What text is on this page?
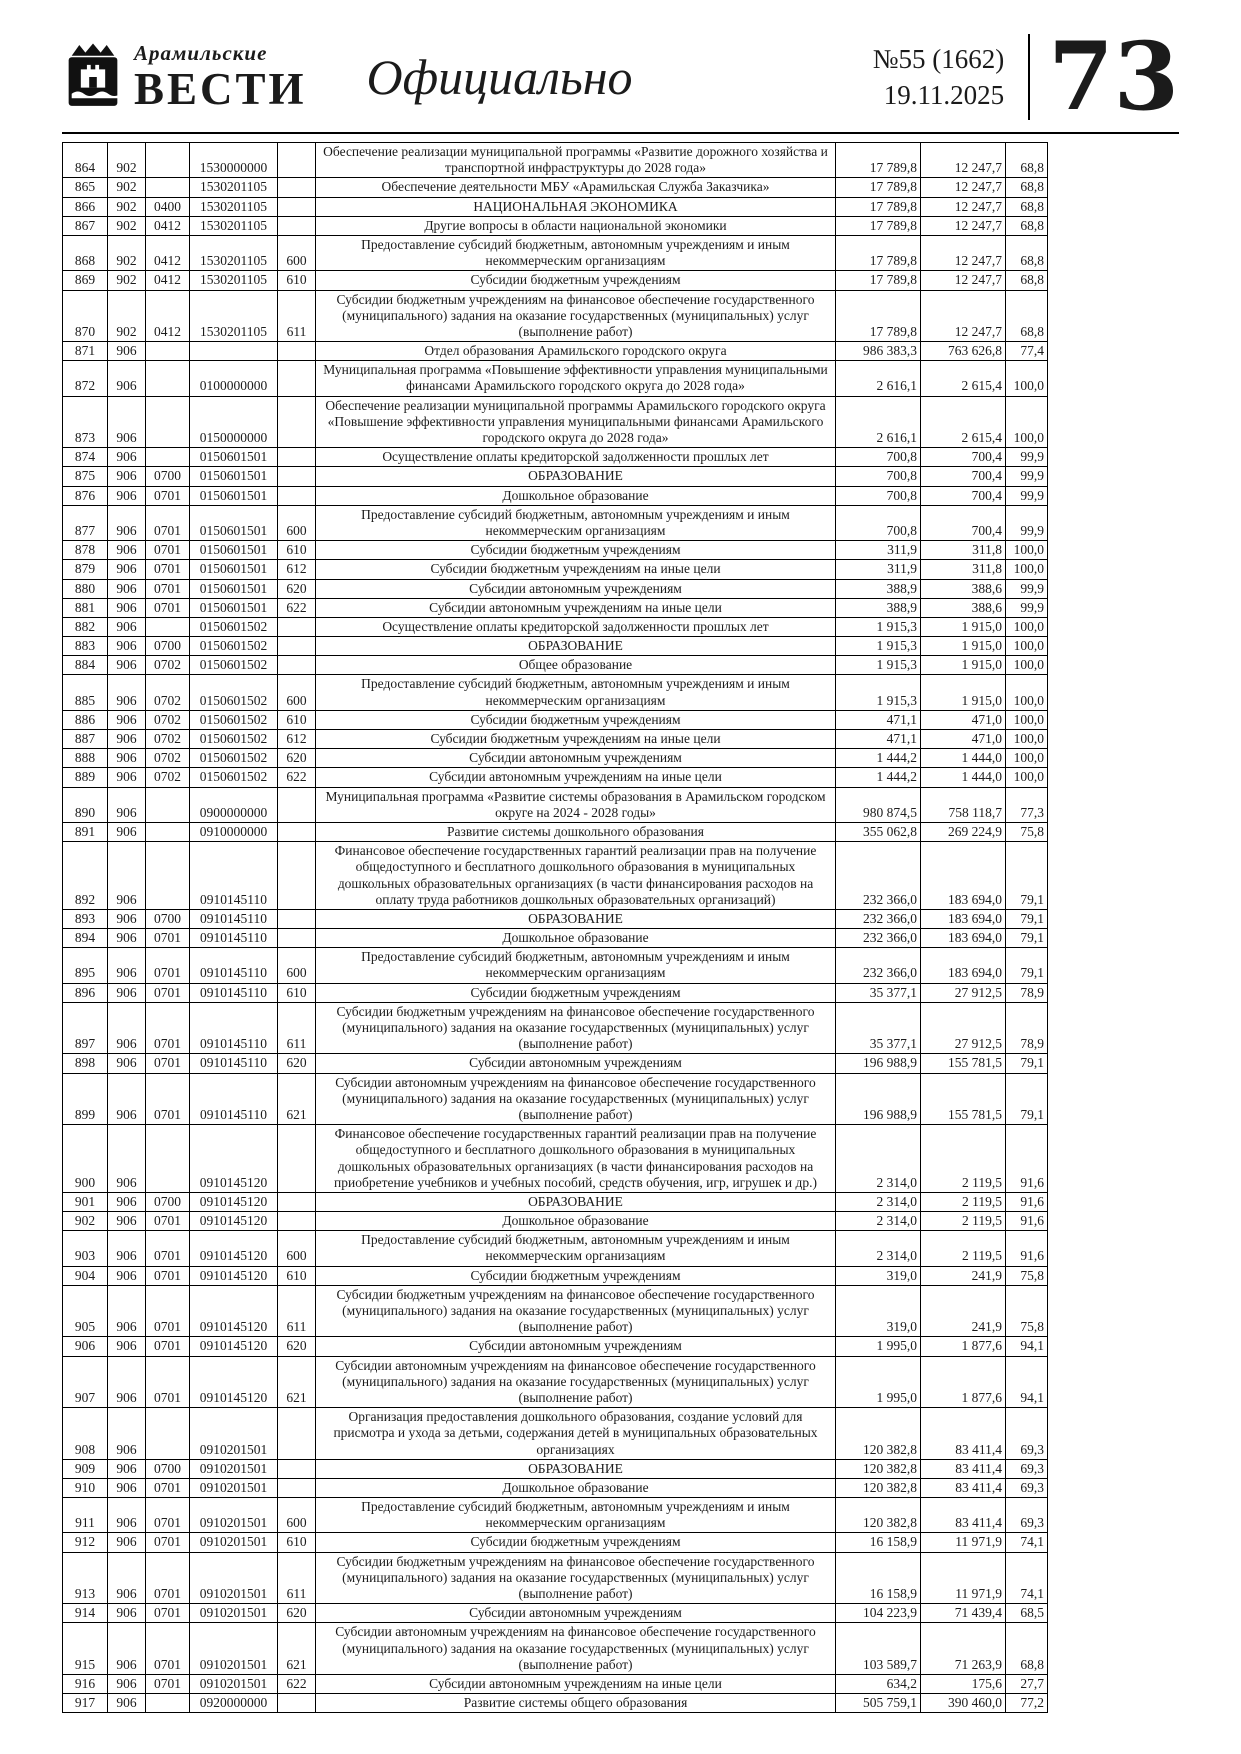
Арамильские
ВЕСТИ Официально	№55 (1662)
19.11.2025 73
864	902		1530000000		Обеспечение реализации муниципальной программы «Развитие дорожного хозяйства и транспортной инфраструктуры до 2028 года»	17 789,8	12 247,7	68,8
865	902		1530201105		Обеспечение деятельности МБУ «Арамильская Служба Заказчика»	17 789,8	12 247,7	68,8
866	902	0400	1530201105		НАЦИОНАЛЬНАЯ ЭКОНОМИКА	17 789,8	12 247,7	68,8
867	902	0412	1530201105		Другие вопросы в области национальной экономики	17 789,8	12 247,7	68,8
868	902	0412	1530201105	600	Предоставление субсидий бюджетным, автономным учреждениям и иным некоммерческим организациям	17 789,8	12 247,7	68,8
869	902	0412	1530201105	610	Субсидии бюджетным учреждениям	17 789,8	12 247,7	68,8
870	902	0412	1530201105	611	Субсидии бюджетным учреждениям на финансовое обеспечение государственного (муниципального) задания на оказание государственных (муниципальных) услуг (выполнение работ)	17 789,8	12 247,7	68,8
871	906				Отдел образования Арамильского городского округа	986 383,3	763 626,8	77,4
872	906		0100000000		Муниципальная программа «Повышение эффективности управления муниципальными финансами Арамильского городского округа до 2028 года»	2 616,1	2 615,4	100,0
873	906		0150000000		Обеспечение реализации муниципальной программы Арамильского городского округа «Повышение эффективности управления муниципальными финансами Арамильского городского округа до 2028 года»	2 616,1	2 615,4	100,0
874	906		0150601501		Осуществление оплаты кредиторской задолженности прошлых лет	700,8	700,4	99,9
875	906	0700	0150601501		ОБРАЗОВАНИЕ	700,8	700,4	99,9
876	906	0701	0150601501		Дошкольное образование	700,8	700,4	99,9
877	906	0701	0150601501	600	Предоставление субсидий бюджетным, автономным учреждениям и иным некоммерческим организациям	700,8	700,4	99,9
878	906	0701	0150601501	610	Субсидии бюджетным учреждениям	311,9	311,8	100,0
879	906	0701	0150601501	612	Субсидии бюджетным учреждениям на иные цели	311,9	311,8	100,0
880	906	0701	0150601501	620	Субсидии автономным учреждениям	388,9	388,6	99,9
881	906	0701	0150601501	622	Субсидии автономным учреждениям на иные цели	388,9	388,6	99,9
882	906		0150601502		Осуществление оплаты кредиторской задолженности прошлых лет	1 915,3	1 915,0	100,0
883	906	0700	0150601502		ОБРАЗОВАНИЕ	1 915,3	1 915,0	100,0
884	906	0702	0150601502		Общее образование	1 915,3	1 915,0	100,0
885	906	0702	0150601502	600	Предоставление субсидий бюджетным, автономным учреждениям и иным некоммерческим организациям	1 915,3	1 915,0	100,0
886	906	0702	0150601502	610	Субсидии бюджетным учреждениям	471,1	471,0	100,0
887	906	0702	0150601502	612	Субсидии бюджетным учреждениям на иные цели	471,1	471,0	100,0
888	906	0702	0150601502	620	Субсидии автономным учреждениям	1 444,2	1 444,0	100,0
889	906	0702	0150601502	622	Субсидии автономным учреждениям на иные цели	1 444,2	1 444,0	100,0
890	906		0900000000		Муниципальная программа «Развитие системы образования в Арамильском городском округе на 2024 - 2028 годы»	980 874,5	758 118,7	77,3
891	906		0910000000		Развитие системы дошкольного образования	355 062,8	269 224,9	75,8
892	906		0910145110		Финансовое обеспечение государственных гарантий реализации прав на получение общедоступного и бесплатного дошкольного образования в муниципальных дошкольных образовательных организациях (в части финансирования расходов на оплату труда работников дошкольных образовательных организаций)	232 366,0	183 694,0	79,1
893	906	0700	0910145110		ОБРАЗОВАНИЕ	232 366,0	183 694,0	79,1
894	906	0701	0910145110		Дошкольное образование	232 366,0	183 694,0	79,1
895	906	0701	0910145110	600	Предоставление субсидий бюджетным, автономным учреждениям и иным некоммерческим организациям	232 366,0	183 694,0	79,1
896	906	0701	0910145110	610	Субсидии бюджетным учреждениям	35 377,1	27 912,5	78,9
897	906	0701	0910145110	611	Субсидии бюджетным учреждениям на финансовое обеспечение государственного (муниципального) задания на оказание государственных (муниципальных) услуг (выполнение работ)	35 377,1	27 912,5	78,9
898	906	0701	0910145110	620	Субсидии автономным учреждениям	196 988,9	155 781,5	79,1
899	906	0701	0910145110	621	Субсидии автономным учреждениям на финансовое обеспечение государственного (муниципального) задания на оказание государственных (муниципальных) услуг (выполнение работ)	196 988,9	155 781,5	79,1
900	906		0910145120		Финансовое обеспечение государственных гарантий реализации прав на получение общедоступного и бесплатного дошкольного образования в муниципальных дошкольных образовательных организациях (в части финансирования расходов на приобретение учебников и учебных пособий, средств обучения, игр, игрушек и др.)	2 314,0	2 119,5	91,6
901	906	0700	0910145120		ОБРАЗОВАНИЕ	2 314,0	2 119,5	91,6
902	906	0701	0910145120		Дошкольное образование	2 314,0	2 119,5	91,6
903	906	0701	0910145120	600	Предоставление субсидий бюджетным, автономным учреждениям и иным некоммерческим организациям	2 314,0	2 119,5	91,6
904	906	0701	0910145120	610	Субсидии бюджетным учреждениям	319,0	241,9	75,8
905	906	0701	0910145120	611	Субсидии бюджетным учреждениям на финансовое обеспечение государственного (муниципального) задания на оказание государственных (муниципальных) услуг (выполнение работ)	319,0	241,9	75,8
906	906	0701	0910145120	620	Субсидии автономным учреждениям	1 995,0	1 877,6	94,1
907	906	0701	0910145120	621	Субсидии автономным учреждениям на финансовое обеспечение государственного (муниципального) задания на оказание государственных (муниципальных) услуг (выполнение работ)	1 995,0	1 877,6	94,1
908	906		0910201501		Организация предоставления дошкольного образования, создание условий для присмотра и ухода за детьми, содержания детей в муниципальных образовательных организациях	120 382,8	83 411,4	69,3
909	906	0700	0910201501		ОБРАЗОВАНИЕ	120 382,8	83 411,4	69,3
910	906	0701	0910201501		Дошкольное образование	120 382,8	83 411,4	69,3
911	906	0701	0910201501	600	Предоставление субсидий бюджетным, автономным учреждениям и иным некоммерческим организациям	120 382,8	83 411,4	69,3
912	906	0701	0910201501	610	Субсидии бюджетным учреждениям	16 158,9	11 971,9	74,1
913	906	0701	0910201501	611	Субсидии бюджетным учреждениям на финансовое обеспечение государственного (муниципального) задания на оказание государственных (муниципальных) услуг (выполнение работ)	16 158,9	11 971,9	74,1
914	906	0701	0910201501	620	Субсидии автономным учреждениям	104 223,9	71 439,4	68,5
915	906	0701	0910201501	621	Субсидии автономным учреждениям на финансовое обеспечение государственного (муниципального) задания на оказание государственных (муниципальных) услуг (выполнение работ)	103 589,7	71 263,9	68,8
916	906	0701	0910201501	622	Субсидии автономным учреждениям на иные цели	634,2	175,6	27,7
917	906		0920000000		Развитие системы общего образования	505 759,1	390 460,0	77,2
